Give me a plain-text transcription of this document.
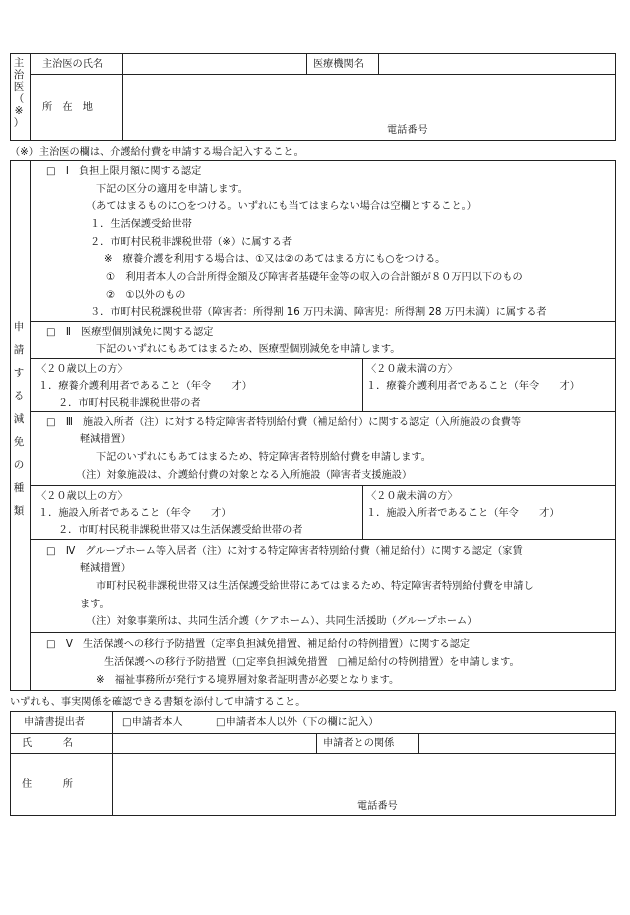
主
治
医
（
※
）
主治医の氏名	医療機関名
所　在　地
電話番号
（※）主治医の欄は、介護給付費を申請する場合記入すること。
申
請
す
る
減
免
の
種
類
□　Ⅰ　負担上限月額に関する認定
下記の区分の適用を申請します。
（あてはまるものに○をつける。いずれにも当てはまらない場合は空欄とすること。）
１．生活保護受給世帯
２．市町村民税非課税世帯（※）に属する者
※　療養介護を利用する場合は、①又は②のあてはまる方にも○をつける。
①　利用者本人の合計所得金額及び障害者基礎年金等の収入の合計額が８０万円以下のもの
②　①以外のもの
３．市町村民税課税世帯（障害者：所得割 16 万円未満、障害児：所得割 28 万円未満）に属する者
□　Ⅱ　医療型個別減免に関する認定
下記のいずれにもあてはまるため、医療型個別減免を申請します。
〈２０歳以上の方〉
１．療養介護利用者であること（年令　　才）
２．市町村民税非課税世帯の者
〈２０歳未満の方〉
１．療養介護利用者であること（年令　　才）
□　Ⅲ　施設入所者（注）に対する特定障害者特別給付費（補足給付）に関する認定（入所施設の食費等
軽減措置）
下記のいずれにもあてはまるため、特定障害者特別給付費を申請します。
（注）対象施設は、介護給付費の対象となる入所施設（障害者支援施設）
〈２０歳以上の方〉
１．施設入所者であること（年令　　才）
２．市町村民税非課税世帯又は生活保護受給世帯の者
〈２０歳未満の方〉
１．施設入所者であること（年令　　才）
□　Ⅳ　グループホーム等入居者（注）に対する特定障害者特別給付費（補足給付）に関する認定（家賃
軽減措置）
市町村民税非課税世帯又は生活保護受給世帯にあてはまるため、特定障害者特別給付費を申請し
ます。
（注）対象事業所は、共同生活介護（ケアホーム）、共同生活援助（グループホーム）
□　Ⅴ　生活保護への移行予防措置（定率負担減免措置、補足給付の特例措置）に関する認定
生活保護への移行予防措置（□定率負担減免措置　□補足給付の特例措置）を申請します。
※　福祉事務所が発行する境界層対象者証明書が必要となります。
いずれも、事実関係を確認できる書類を添付して申請すること。
申請書提出者	□申請者本人	□申請者本人以外（下の欄に記入）
氏　　　名	申請者との関係
住　　　所
電話番号
